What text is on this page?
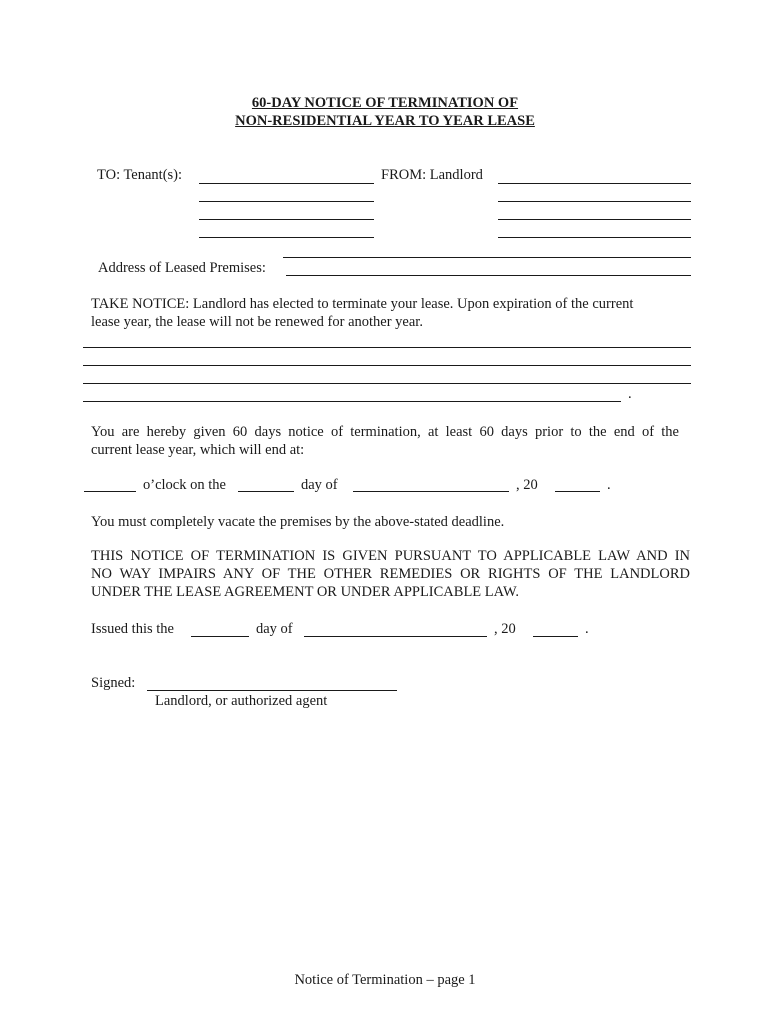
60-DAY NOTICE OF TERMINATION OF
NON-RESIDENTIAL YEAR TO YEAR LEASE
TO: Tenant(s):	FROM: Landlord
Address of Leased Premises:
TAKE NOTICE: Landlord has elected to terminate your lease. Upon expiration of the current
lease year, the lease will not be renewed for another year.
.
You are hereby given 60 days notice of termination, at least 60 days prior to the end of the
current lease year, which will end at:
o’clock on the	day of	, 20	.
You must completely vacate the premises by the above-stated deadline.
THIS NOTICE OF TERMINATION IS GIVEN PURSUANT TO APPLICABLE LAW AND IN
NO WAY IMPAIRS ANY OF THE OTHER REMEDIES OR RIGHTS OF THE LANDLORD
UNDER THE LEASE AGREEMENT OR UNDER APPLICABLE LAW.
Issued this the	day of	, 20	.
Signed:
Landlord, or authorized agent
Notice of Termination – page 1
